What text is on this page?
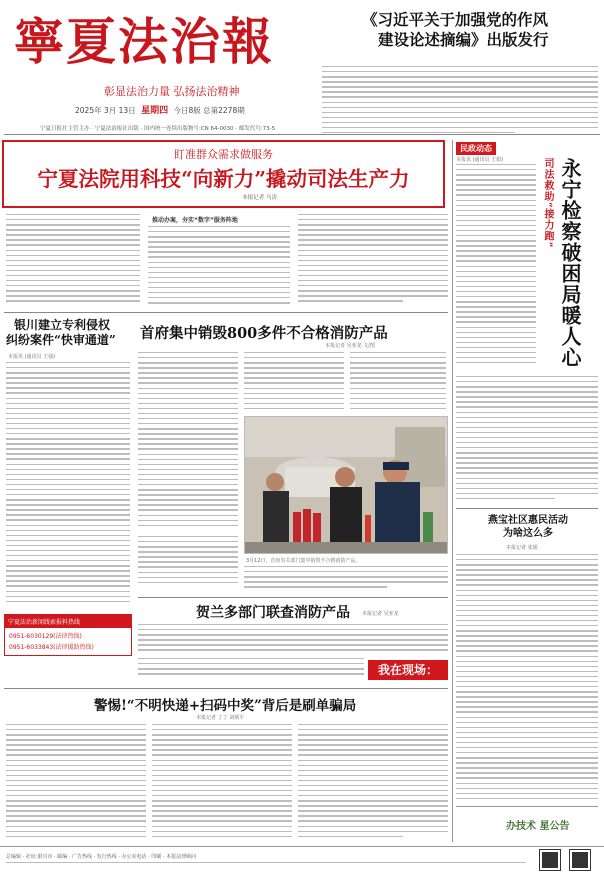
寧夏法治報
彰显法治力量 弘扬法治精神
2025年 3月 13日 星期四 今日8版 总第2278期
宁夏日报社主管主办 · 宁夏法治报社出版 · 国内统一连续出版物号:CN 64-0030 · 邮发代号:73-5
《习近平关于加强党的作风
建设论述摘编》出版发行
盯准群众需求做服务
宁夏法院用科技“向新力”撬动司法生产力
本报记者 马涛
推动办案，夯实“数字”服务阵地
银川建立专利侵权
纠纷案件“快审通道”
本报讯 (通讯员 王强)
宁夏法治新闻线索报料热线
0951-6030129(法律热线)
0951-6033843(法律援助热线)
首府集中销毁800多件不合格消防产品
本报记者 吴亚龙 文/图
3月12日，首府有关部门集中销毁不合格消防产品。
贺兰多部门联查消防产品 本报记者 吴亚龙
我在现场：
警惕!“不明快递+扫码中奖”背后是刷单骗局
本报记者 丁丁 刘炳平
民政动态
永宁检察破困局暖人心
司法救助“接力跑”
本报讯 (通讯员 王娟)
燕宝社区惠民活动
为啥这么多
本报记者 张娟
办技术 星公告
总编辑 · 社址:银川市 · 邮编 · 广告热线 · 发行热线 · 办公室电话 · 印刷 · 本报法律顾问
